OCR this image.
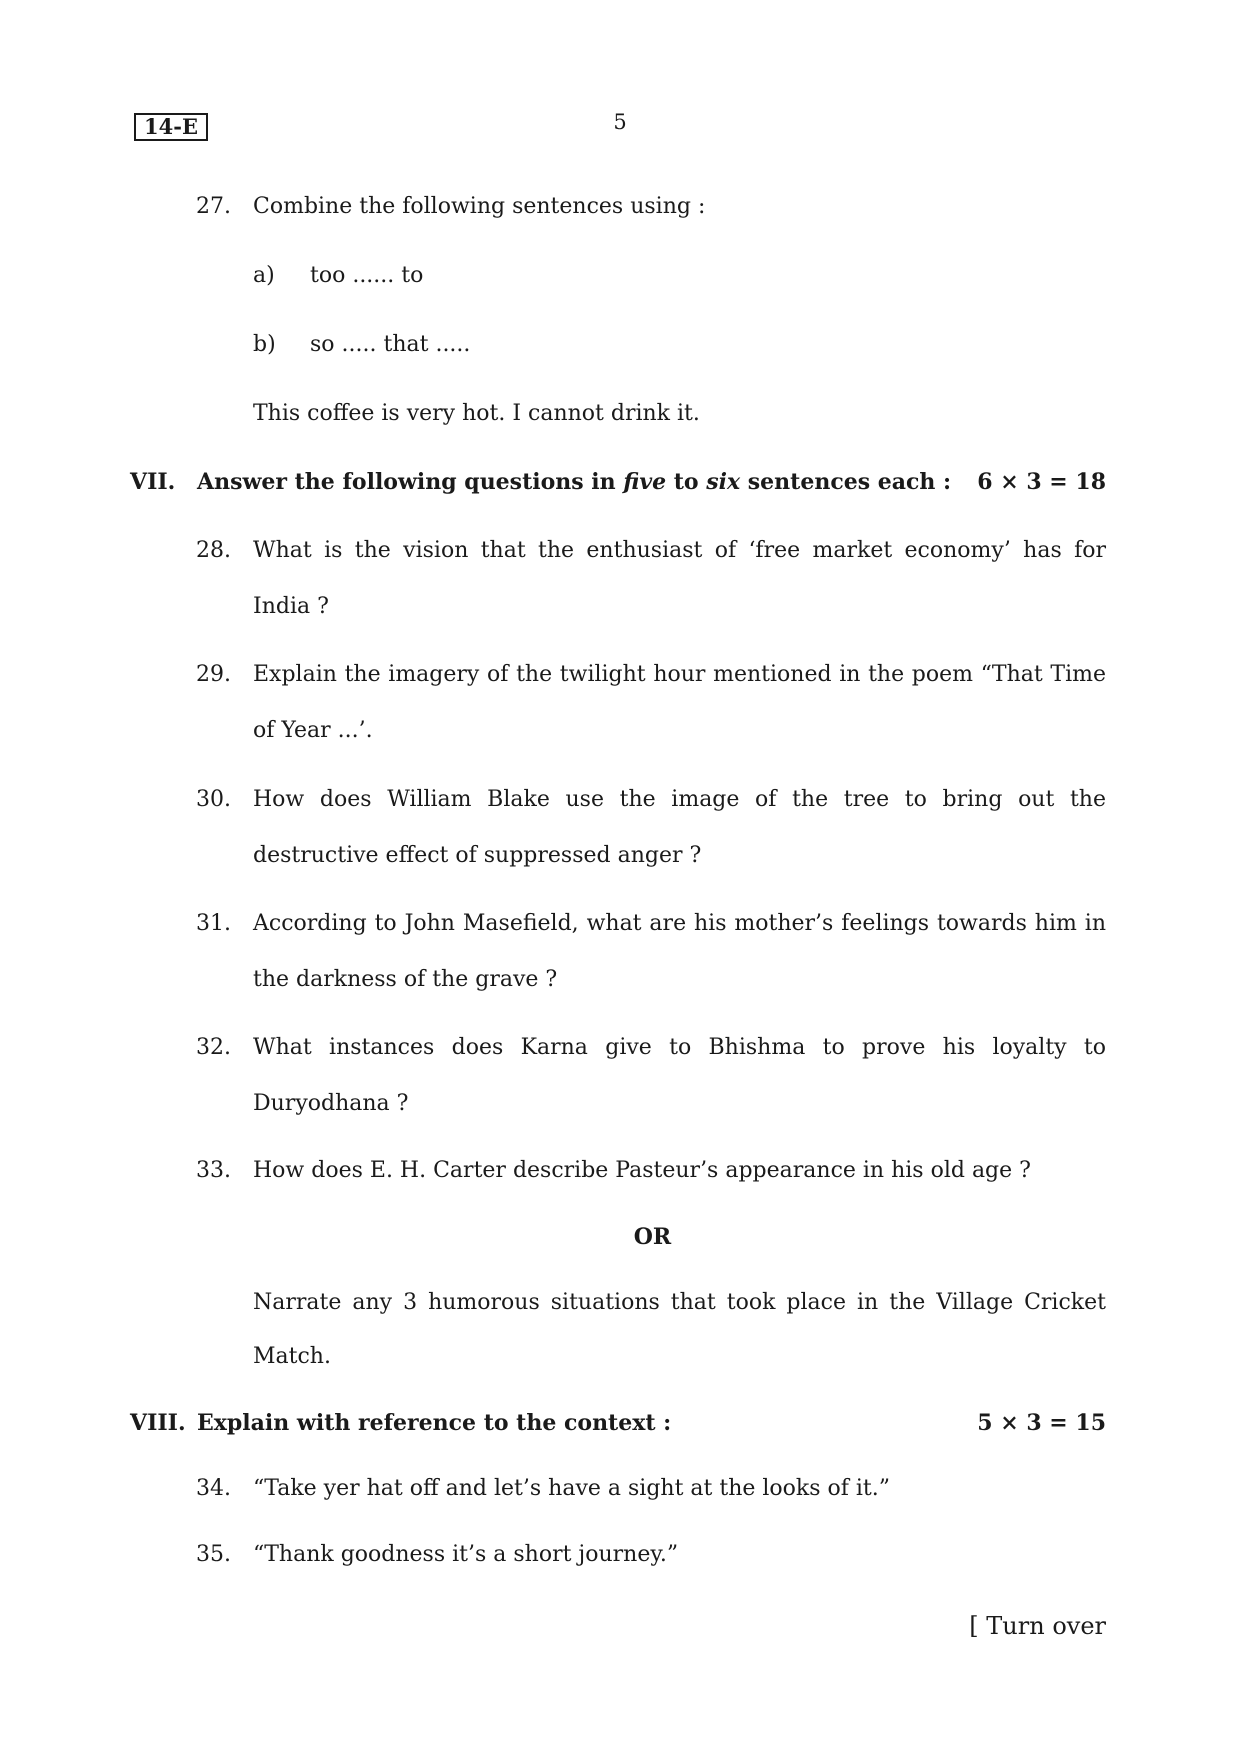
14-E	5
27. Combine the following sentences using :
a) too ...... to
b) so ..... that .....
This coffee is very hot. I cannot drink it.
VII. Answer the following questions in five to six sentences each : 6 × 3 = 18
28. What is the vision that the enthusiast of ‘free market economy’ has for
India ?
29. Explain the imagery of the twilight hour mentioned in the poem “That Time
of Year ...’.
30. How does William Blake use the image of the tree to bring out the
destructive effect of suppressed anger ?
31. According to John Masefield, what are his mother’s feelings towards him in
the darkness of the grave ?
32. What instances does Karna give to Bhishma to prove his loyalty to
Duryodhana ?
33. How does E. H. Carter describe Pasteur’s appearance in his old age ?
OR
Narrate any 3 humorous situations that took place in the Village Cricket
Match.
VIII. Explain with reference to the context :	5 × 3 = 15
34. “Take yer hat off and let’s have a sight at the looks of it.”
35. “Thank goodness it’s a short journey.”
[ Turn over
